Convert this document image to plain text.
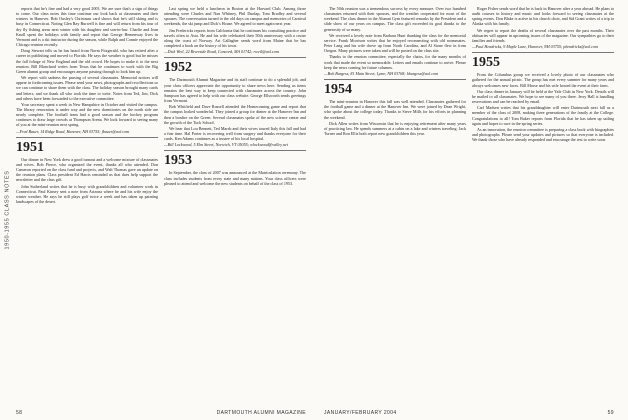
1950-1955 CLASS NOTES

reports that he's fine and had a very good 2003. We are sure that's a sign of things to come. Our class notes this time continue our look back at classmates and their winters in Hanover. Bob Ousley's Christmas card shows that he's still skiing and is busy in Connecticut. Noting Glen Ray Burwell is fine and will return from his tour of dry fly fishing areas next winter with his daughter and son-in-law. Charlie and Jean Knoll spent the holidays with family and report that George Hemenway lives in Vermont and is a ski instructor during the season, while Ralph and Connie enjoyed the Chicago reunion recently.

Doug Stewart tells us he has heard from Norm Fitzgerald, who has retired after a career in publishing and moved to Florida. He says the weather is good but he misses the fall foliage of New England and the old crowd. He hopes to make it to the next reunion. Bill Blanchard writes from Texas that he continues to work with the Big Green alumni group and encourages anyone passing through to look him up.

We report with sadness the passing of several classmates. Memorial notices will appear in forthcoming issues. Please send your news, photographs and recollections so we can continue to share them with the class. The holiday season brought many cards and letters, and we thank all who took the time to write. Notes from Ted, Jim, Dick and others have been forwarded to the executive committee.

Your secretary spent a week in New Hampshire in October and visited the campus. The library renovation is under way and the new dormitories on the north side are nearly complete. The football team had a good season and the hockey program continues to draw large crowds at Thompson Arena. We look forward to seeing many of you at the mini-reunion next spring.

—Fred Bauer, 14 Ridge Road, Hanover, NH 03755; fbauer@aol.com
1951

Our dinner in New York drew a good turnout and a welcome mixture of classmates and wives. Bob Pierce, who organized the event, thanks all who attended. Don Cameron reported on the class fund and projects, and Walt Thomas gave an update on the reunion plans. Class president Ed Harris reminded us that dues help support the newsletter and the class gift.

John Sutherland writes that he is busy with grandchildren and volunteer work in Connecticut. Paul Kinsey sent a note from Arizona where he and his wife enjoy the winter weather. He says he still plays golf twice a week and has taken up painting landscapes of the desert.

Last spring we held a luncheon in Boston at the Harvard Club. Among those attending were Charles and Nan Whitney, Phil Dunlap, Tom Bradley and several spouses. The conversation turned to the old days on campus and memories of Carnival weekends, the ski jump and Dick's House. We agreed to meet again next year.

Jim Fredericks reports from California that he continues his consulting practice and travels often to Asia. He and his wife celebrated their 50th anniversary with a cruise along the coast of Norway. Art Gallagher sends word from Maine that he has completed a book on the history of his town.

—Dick Weil, 22 Riverside Road, Concord, MA 01742; rweil@aol.com
1952

The Dartmouth Alumni Magazine and its staff continue to do a splendid job, and your class officers appreciate the opportunity to share news here. Sending us items remains the best way to keep connected with classmates across the country. John Sampson has agreed to help with our class website. George Ellsworth sends greetings from Vermont.

Bob Whitfield and Dave Russell attended the Homecoming game and report that the campus looked wonderful. They joined a group for dinner at the Hanover Inn and then a bonfire on the Green. Several classmates spoke of the new science center and the growth of the Tuck School.

We hear that Lou Bennett, Ted Marsh and their wives toured Italy this fall and had a fine time. Hal Porter is recovering well from surgery and thanks everyone for their cards. Ken Adams continues as a trustee of his local hospital.

—Bill Lockwood, 5 Elm Street, Norwich, VT 05055; wlockwood@valley.net
1953

In September, the class of 2007 was announced at the Matriculation ceremony. The class includes students from every state and many nations. Your class officers were pleased to attend and welcome the new students on behalf of the class of 1953.

The 50th reunion was a tremendous success by every measure. Over two hundred classmates returned with their spouses, and the weather cooperated for most of the weekend. The class dinner in the Alumni Gym featured remarks by the President and a slide show of our years on campus. The class gift exceeded its goal thanks to the generosity of so many.

We received a lovely note from Barbara Hunt thanking the class for the memorial service. Frank Morrison writes that he enjoyed reconnecting with old roommates. Peter Lang and his wife drove up from North Carolina, and Al Stone flew in from Oregon. Many pictures were taken and will be posted on the class site.

Thanks to the reunion committee, especially the chairs, for the many months of work that made the event so memorable. Letters and emails continue to arrive. Please keep the news coming for future columns.

—Bob Burgess, 81 Main Street, Lyme, NH 03768; bburgess@aol.com
1954

The mini-reunion in Hanover this fall was well attended. Classmates gathered for the football game and a dinner at the Hanover Inn. We were joined by Dean Wright, who spoke about the college today. Thanks to Steve Mills for his efforts in planning the weekend.

Dick Allen writes from Wisconsin that he is enjoying retirement after many years of practicing law. He spends summers at a cabin on a lake and winters traveling. Jack Turner and Ron Ellis both report new grandchildren this year.

Roger Fisher sends word that he is back in Hanover after a year abroad. He plans to audit courses in history and music and looks forward to seeing classmates at the spring events. Don Blake is active in his church choir, and Sid Grant writes of a trip to Alaska with his family.

We regret to report the deaths of several classmates over the past months. Their obituaries will appear in upcoming issues of the magazine. Our sympathies go to their families and friends.

—Paul Hendricks, 9 Maple Lane, Hanover, NH 03755; phendricks@aol.com
1955

From the Columbus group we received a lovely photo of our classmates who gathered for the annual picnic. The group has met every summer for many years and always welcomes new faces. Bill Morse and his wife hosted the event at their farm.

Our class dinner in January will be held at the Yale Club in New York. Details will be mailed to all classmates. We hope to see many of you there. Jerry Hall is handling reservations and can be reached by email.

Carl Madsen writes that his granddaughter will enter Dartmouth next fall as a member of the class of 2008, making three generations of the family at the College. Congratulations to all! Tom Baker reports from Florida that he has taken up sailing again and hopes to race in the spring series.

As an innovation, the reunion committee is preparing a class book with biographies and photographs. Please send your updates and pictures so that everyone is included. We thank those who have already responded and encourage the rest to write soon.

58	DARTMOUTH ALUMNI MAGAZINE	JANUARY/FEBRUARY 2004	59
